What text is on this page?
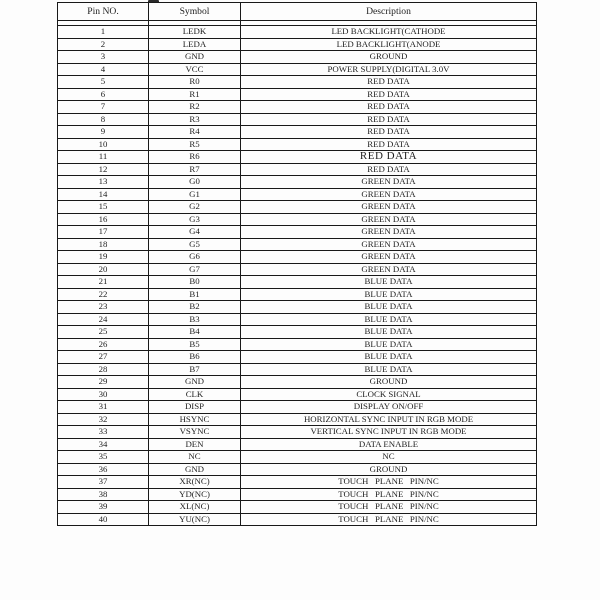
Pin NO.	Symbol	Description

1	LEDK	LED BACKLIGHT(CATHODE
2	LEDA	LED BACKLIGHT(ANODE
3	GND	GROUND
4	VCC	POWER SUPPLY(DIGITAL 3.0V
5	R0	RED DATA
6	R1	RED DATA
7	R2	RED DATA
8	R3	RED DATA
9	R4	RED DATA
10	R5	RED DATA
11	R6	RED DATA
12	R7	RED DATA
13	G0	GREEN DATA
14	G1	GREEN DATA
15	G2	GREEN DATA
16	G3	GREEN DATA
17	G4	GREEN DATA
18	G5	GREEN DATA
19	G6	GREEN DATA
20	G7	GREEN DATA
21	B0	BLUE DATA
22	B1	BLUE DATA
23	B2	BLUE DATA
24	B3	BLUE DATA
25	B4	BLUE DATA
26	B5	BLUE DATA
27	B6	BLUE DATA
28	B7	BLUE DATA
29	GND	GROUND
30	CLK	CLOCK SIGNAL
31	DISP	DISPLAY ON/OFF
32	HSYNC	HORIZONTAL SYNC INPUT IN RGB MODE
33	VSYNC	VERTICAL SYNC INPUT IN RGB MODE
34	DEN	DATA ENABLE
35	NC	NC
36	GND	GROUND
37	XR(NC)	TOUCH   PLANE   PIN/NC
38	YD(NC)	TOUCH   PLANE   PIN/NC
39	XL(NC)	TOUCH   PLANE   PIN/NC
40	YU(NC)	TOUCH   PLANE   PIN/NC
